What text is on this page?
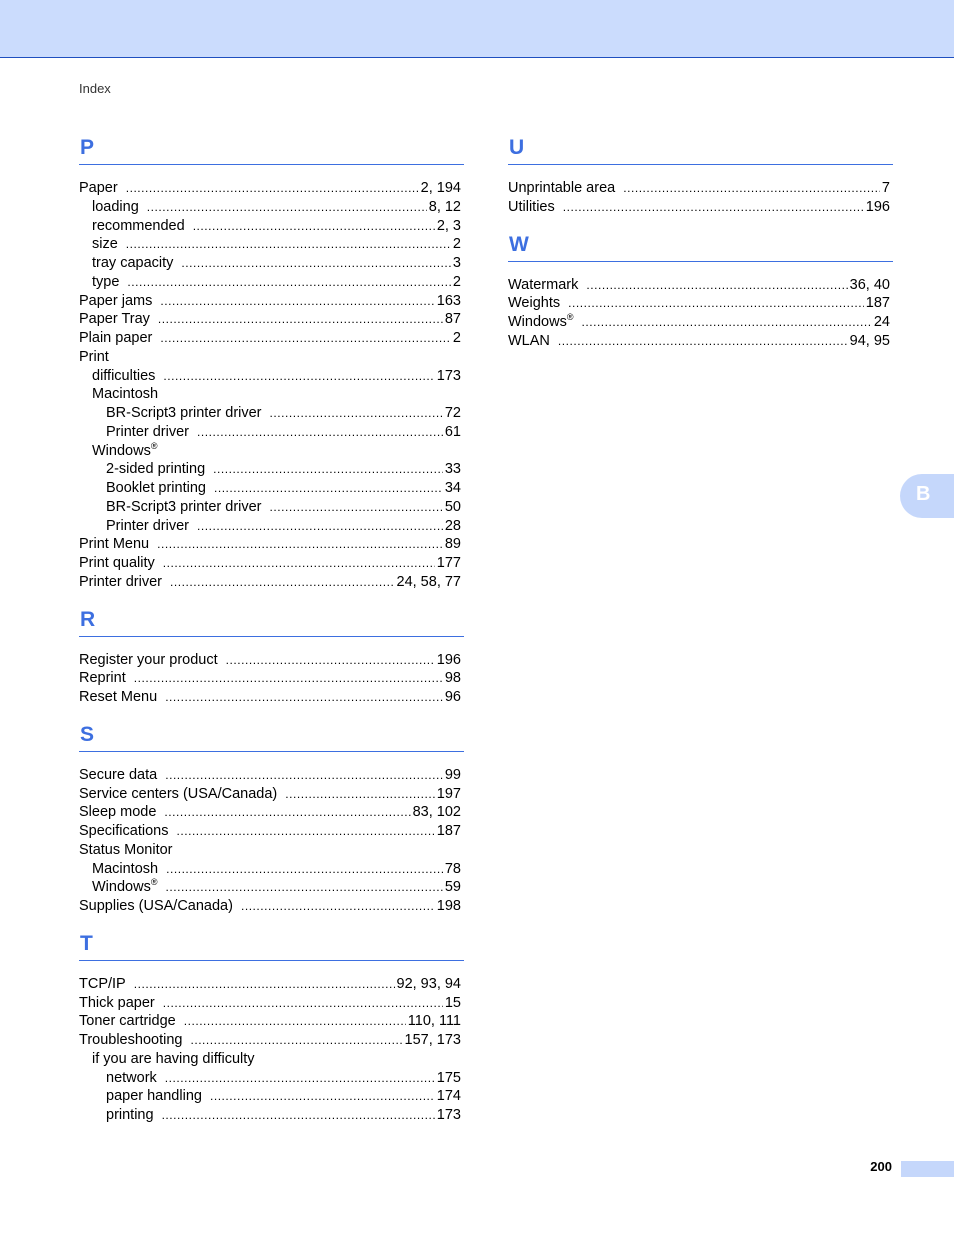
Index
P
Paper . . .	2, 194
loading . . .	8, 12
recommended . . .	2, 3
size . . .	2
tray capacity . . .	3
type . . .	2
Paper jams . . .	163
Paper Tray . . .	87
Plain paper . . .	2
Print
difficulties . . .	173
Macintosh
BR-Script3 printer driver . . .	72
Printer driver . . .	61
Windows®
2-sided printing . . .	33
Booklet printing . . .	34
BR-Script3 printer driver . . .	50
Printer driver . . .	28
Print Menu . . .	89
Print quality . . .	177
Printer driver . . .	24, 58, 77
R
Register your product . . .	196
Reprint . . .	98
Reset Menu . . .	96
S
Secure data . . .	99
Service centers (USA/Canada) . . .	197
Sleep mode . . .	83, 102
Specifications . . .	187
Status Monitor
Macintosh . . .	78
Windows® . . .	59
Supplies (USA/Canada) . . .	198
T
TCP/IP . . .	92, 93, 94
Thick paper . . .	15
Toner cartridge . . .	110, 111
Troubleshooting . . .	157, 173
if you are having difficulty
network . . .	175
paper handling . . .	174
printing . . .	173
U
Unprintable area . . .	7
Utilities . . .	196
W
Watermark . . .	36, 40
Weights . . .	187
Windows® . . .	24
WLAN . . .	94, 95
B
200
